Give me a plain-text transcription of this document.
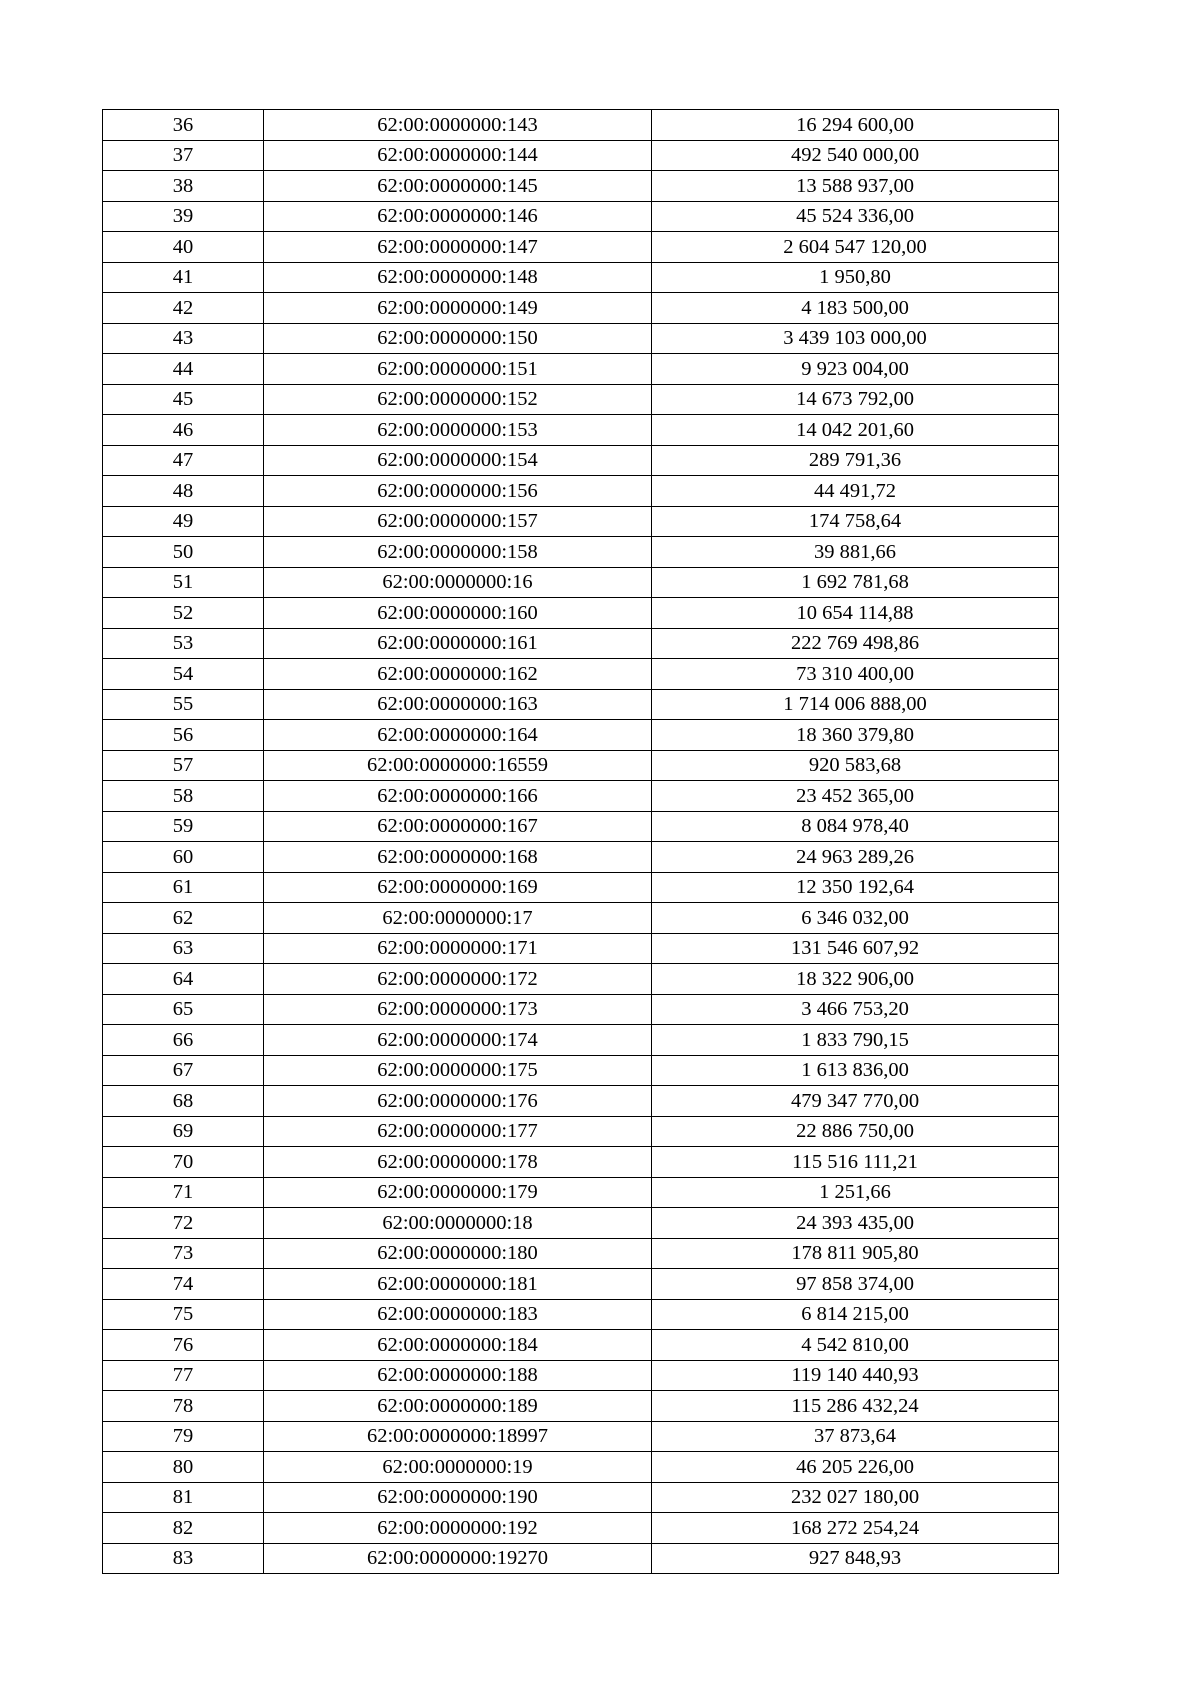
36	62:00:0000000:143	16 294 600,00
37	62:00:0000000:144	492 540 000,00
38	62:00:0000000:145	13 588 937,00
39	62:00:0000000:146	45 524 336,00
40	62:00:0000000:147	2 604 547 120,00
41	62:00:0000000:148	1 950,80
42	62:00:0000000:149	4 183 500,00
43	62:00:0000000:150	3 439 103 000,00
44	62:00:0000000:151	9 923 004,00
45	62:00:0000000:152	14 673 792,00
46	62:00:0000000:153	14 042 201,60
47	62:00:0000000:154	289 791,36
48	62:00:0000000:156	44 491,72
49	62:00:0000000:157	174 758,64
50	62:00:0000000:158	39 881,66
51	62:00:0000000:16	1 692 781,68
52	62:00:0000000:160	10 654 114,88
53	62:00:0000000:161	222 769 498,86
54	62:00:0000000:162	73 310 400,00
55	62:00:0000000:163	1 714 006 888,00
56	62:00:0000000:164	18 360 379,80
57	62:00:0000000:16559	920 583,68
58	62:00:0000000:166	23 452 365,00
59	62:00:0000000:167	8 084 978,40
60	62:00:0000000:168	24 963 289,26
61	62:00:0000000:169	12 350 192,64
62	62:00:0000000:17	6 346 032,00
63	62:00:0000000:171	131 546 607,92
64	62:00:0000000:172	18 322 906,00
65	62:00:0000000:173	3 466 753,20
66	62:00:0000000:174	1 833 790,15
67	62:00:0000000:175	1 613 836,00
68	62:00:0000000:176	479 347 770,00
69	62:00:0000000:177	22 886 750,00
70	62:00:0000000:178	115 516 111,21
71	62:00:0000000:179	1 251,66
72	62:00:0000000:18	24 393 435,00
73	62:00:0000000:180	178 811 905,80
74	62:00:0000000:181	97 858 374,00
75	62:00:0000000:183	6 814 215,00
76	62:00:0000000:184	4 542 810,00
77	62:00:0000000:188	119 140 440,93
78	62:00:0000000:189	115 286 432,24
79	62:00:0000000:18997	37 873,64
80	62:00:0000000:19	46 205 226,00
81	62:00:0000000:190	232 027 180,00
82	62:00:0000000:192	168 272 254,24
83	62:00:0000000:19270	927 848,93
